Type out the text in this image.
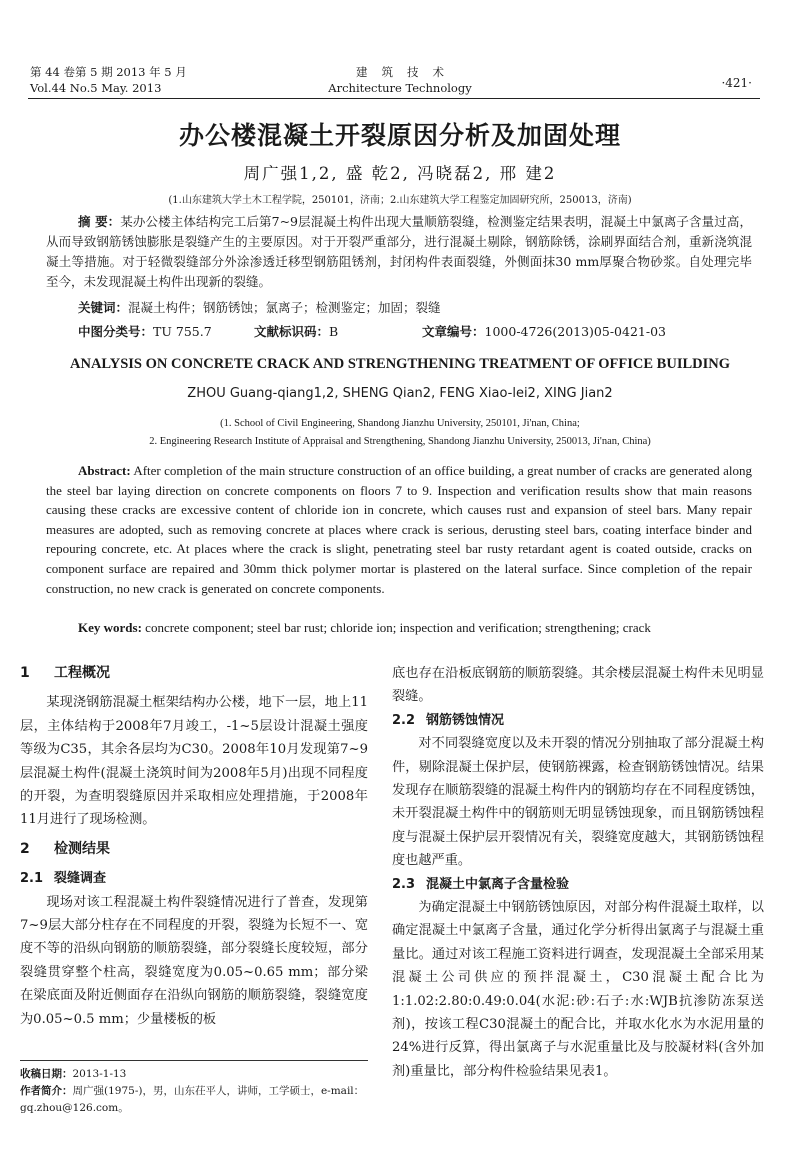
第 44 卷第 5 期 2013 年 5 月
Vol.44 No.5 May. 2013
建筑技术
Architecture Technology	·421·
办公楼混凝土开裂原因分析及加固处理
周广强1,2, 盛 乾2, 冯晓磊2, 邢 建2
(1.山东建筑大学土木工程学院，250101，济南；2.山东建筑大学工程鉴定加固研究所，250013，济南)
摘 要：某办公楼主体结构完工后第7~9层混凝土构件出现大量顺筋裂缝，检测鉴定结果表明，混凝土中氯离子含量过高，从而导致钢筋锈蚀膨胀是裂缝产生的主要原因。对于开裂严重部分，进行混凝土剔除，钢筋除锈，涂刷界面结合剂，重新浇筑混凝土等措施。对于轻微裂缝部分外涂渗透迁移型钢筋阻锈剂，封闭构件表面裂缝，外侧面抹30 mm厚聚合物砂浆。自处理完毕至今，未发现混凝土构件出现新的裂缝。
关键词：混凝土构件；钢筋锈蚀；氯离子；检测鉴定；加固；裂缝
中图分类号：TU 755.7	文献标识码：B	文章编号：1000-4726(2013)05-0421-03
ANALYSIS ON CONCRETE CRACK AND STRENGTHENING TREATMENT OF OFFICE BUILDING
ZHOU Guang-qiang1,2, SHENG Qian2, FENG Xiao-lei2, XING Jian2
(1. School of Civil Engineering, Shandong Jianzhu University, 250101, Ji'nan, China;
2. Engineering Research Institute of Appraisal and Strengthening, Shandong Jianzhu University, 250013, Ji'nan, China)
Abstract: After completion of the main structure construction of an office building, a great number of cracks are generated along the steel bar laying direction on concrete components on floors 7 to 9. Inspection and verification results show that main reasons causing these cracks are excessive content of chloride ion in concrete, which causes rust and expansion of steel bars. Many repair measures are adopted, such as removing concrete at places where crack is serious, derusting steel bars, coating interface binder and repouring concrete, etc. At places where the crack is slight, penetrating steel bar rusty retardant agent is coated outside, cracks on component surface are repaired and 30mm thick polymer mortar is plastered on the lateral surface. Since completion of the repair construction, no new crack is generated on concrete components.
Key words: concrete component; steel bar rust; chloride ion; inspection and verification; strengthening; crack
1 工程概况

某现浇钢筋混凝土框架结构办公楼，地下一层，地上11层，主体结构于2008年7月竣工，-1~5层设计混凝土强度等级为C35，其余各层均为C30。2008年10月发现第7~9层混凝土构件(混凝土浇筑时间为2008年5月)出现不同程度的开裂，为查明裂缝原因并采取相应处理措施，于2008年11月进行了现场检测。

2 检测结果
2.1 裂缝调查

现场对该工程混凝土构件裂缝情况进行了普查，发现第7~9层大部分柱存在不同程度的开裂，裂缝为长短不一、宽度不等的沿纵向钢筋的顺筋裂缝，部分裂缝长度较短，部分裂缝贯穿整个柱高，裂缝宽度为0.05~0.65 mm；部分梁在梁底面及附近侧面存在沿纵向钢筋的顺筋裂缝，裂缝宽度为0.05~0.5 mm；少量楼板的板

底也存在沿板底钢筋的顺筋裂缝。其余楼层混凝土构件未见明显裂缝。

2.2 钢筋锈蚀情况

对不同裂缝宽度以及未开裂的情况分别抽取了部分混凝土构件，剔除混凝土保护层，使钢筋裸露，检查钢筋锈蚀情况。结果发现存在顺筋裂缝的混凝土构件内的钢筋均存在不同程度锈蚀，未开裂混凝土构件中的钢筋则无明显锈蚀现象，而且钢筋锈蚀程度与混凝土保护层开裂情况有关，裂缝宽度越大，其钢筋锈蚀程度也越严重。

2.3 混凝土中氯离子含量检验

为确定混凝土中钢筋锈蚀原因，对部分构件混凝土取样，以确定混凝土中氯离子含量，通过化学分析得出氯离子与混凝土重量比。通过对该工程施工资料进行调查，发现混凝土全部采用某混凝土公司供应的预拌混凝土，C30混凝土配合比为1:1.02:2.80:0.49:0.04(水泥:砂:石子:水:WJB抗渗防冻泵送剂)，按该工程C30混凝土的配合比，并取水化水为水泥用量的24%进行反算，得出氯离子与水泥重量比及与胶凝材料(含外加剂)重量比，部分构件检验结果见表1。

收稿日期：2013-1-13
作者简介：周广强(1975-)，男，山东茌平人，讲师，工学硕士，e-mail：gq.zhou@126.com。
